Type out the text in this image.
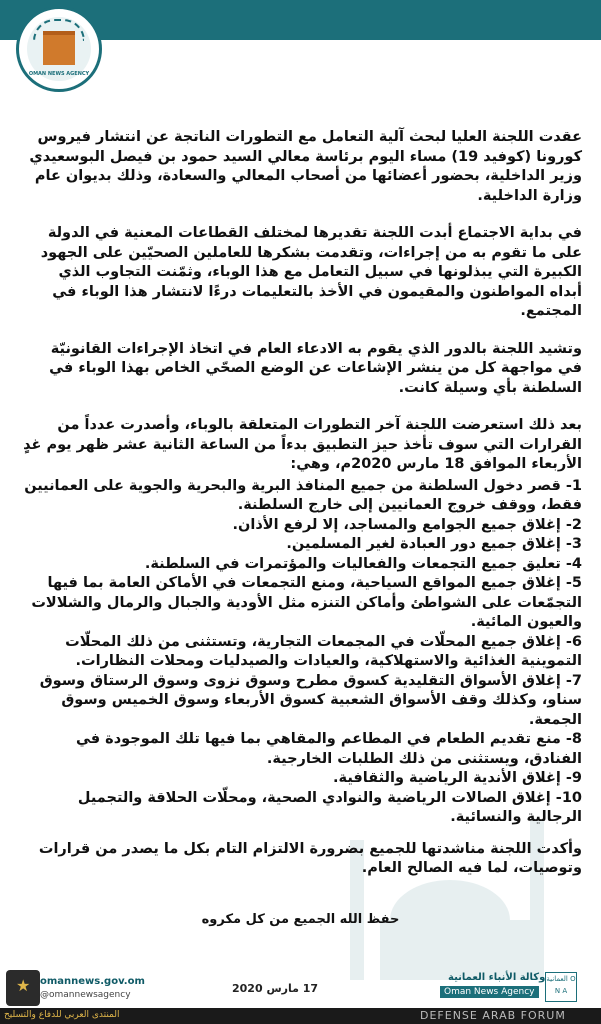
OMAN NEWS AGENCY

عقدت اللجنة العليا لبحث آلية التعامل مع التطورات الناتجة عن انتشار فيروس كورونا (كوفيد 19) مساء اليوم برئاسة معالي السيد حمود بن فيصل البوسعيدي وزير الداخلية، بحضور أعضائها من أصحاب المعالي والسعادة، وذلك بديوان عام وزارة الداخلية.

في بداية الاجتماع أبدت اللجنة تقديرها لمختلف القطاعات المعنية في الدولة على ما تقوم به من إجراءات، وتقدمت بشكرها للعاملين الصحيّين على الجهود الكبيرة التي يبذلونها في سبيل التعامل مع هذا الوباء، وثمّنت التجاوب الذي أبداه المواطنون والمقيمون في الأخذ بالتعليمات درءًا لانتشار هذا الوباء في المجتمع.

وتشيد اللجنة بالدور الذي يقوم به الادعاء العام في اتخاذ الإجراءات القانونيّة في مواجهة كل من ينشر الإشاعات عن الوضع الصحّي الخاص بهذا الوباء في السلطنة بأي وسيلة كانت.

بعد ذلك استعرضت اللجنة آخر التطورات المتعلقة بالوباء، وأصدرت عدداً من القرارات التي سوف تأخذ حيز التطبيق بدءاً من الساعة الثانية عشر ظهر يوم غدٍ الأربعاء الموافق 18 مارس 2020م، وهي:

1- قصر دخول السلطنة من جميع المنافذ البرية والبحرية والجوية على العمانيين فقط، ووقف خروج العمانيين إلى خارج السلطنة.
2- إغلاق جميع الجوامع والمساجد، إلا لرفع الأذان.
3- إغلاق جميع دور العبادة لغير المسلمين.
4- تعليق جميع التجمعات والفعاليات والمؤتمرات في السلطنة.
5- إغلاق جميع المواقع السياحية، ومنع التجمعات في الأماكن العامة بما فيها التجمّعات على الشواطئ وأماكن التنزه مثل الأودية والجبال والرمال والشلالات والعيون المائية.
6- إغلاق جميع المحلّات في المجمعات التجارية، وتستثنى من ذلك المحلّات التموينية الغذائية والاستهلاكية، والعيادات والصيدليات ومحلات النظارات.
7- إغلاق الأسواق التقليدية كسوق مطرح وسوق نزوى وسوق الرستاق وسوق سناو، وكذلك وقف الأسواق الشعبية كسوق الأربعاء وسوق الخميس وسوق الجمعة.
8- منع تقديم الطعام في المطاعم والمقاهي بما فيها تلك الموجودة في الفنادق، ويستثنى من ذلك الطلبات الخارجية.
9- إغلاق الأندية الرياضية والثقافية.
10- إغلاق الصالات الرياضية والنوادي الصحية، ومحلّات الحلاقة والتجميل الرجالية والنسائية.

وأكدت اللجنة مناشدتها للجميع بضرورة الالتزام التام بكل ما يصدر من قرارات وتوصيات، لما فيه الصالح العام.

حفظ الله الجميع من كل مكروه
omannews.gov.om
@omannewsagency	17 مارس 2020
وكالة الأنباء العمانية
Oman News Agency
العمانية O N A
★
المنتدى العربي للدفاع والتسليح	DEFENSE ARAB FORUM
